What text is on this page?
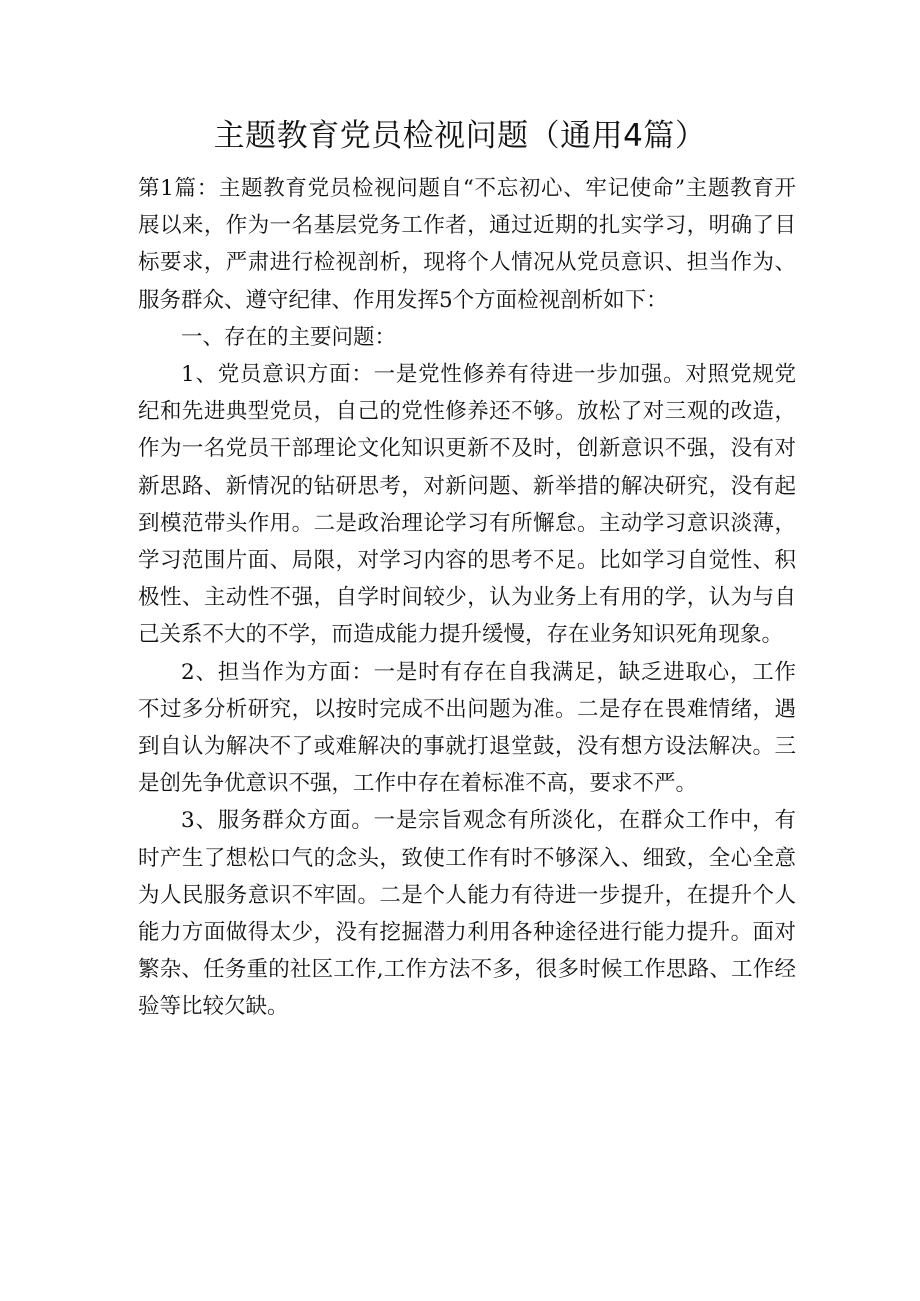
主题教育党员检视问题（通用4篇）

第1篇：主题教育党员检视问题自“不忘初心、牢记使命”主题教育开展以来，作为一名基层党务工作者，通过近期的扎实学习，明确了目标要求，严肃进行检视剖析，现将个人情况从党员意识、担当作为、服务群众、遵守纪律、作用发挥5个方面检视剖析如下：

一、存在的主要问题：

1、党员意识方面：一是党性修养有待进一步加强。对照党规党纪和先进典型党员，自己的党性修养还不够。放松了对三观的改造，作为一名党员干部理论文化知识更新不及时，创新意识不强，没有对新思路、新情况的钻研思考，对新问题、新举措的解决研究，没有起到模范带头作用。二是政治理论学习有所懈怠。主动学习意识淡薄，学习范围片面、局限，对学习内容的思考不足。比如学习自觉性、积极性、主动性不强，自学时间较少，认为业务上有用的学，认为与自己关系不大的不学，而造成能力提升缓慢，存在业务知识死角现象。

2、担当作为方面：一是时有存在自我满足，缺乏进取心，工作不过多分析研究，以按时完成不出问题为准。二是存在畏难情绪，遇到自认为解决不了或难解决的事就打退堂鼓，没有想方设法解决。三是创先争优意识不强，工作中存在着标准不高，要求不严。

3、服务群众方面。一是宗旨观念有所淡化，在群众工作中，有时产生了想松口气的念头，致使工作有时不够深入、细致，全心全意为人民服务意识不牢固。二是个人能力有待进一步提升，在提升个人能力方面做得太少，没有挖掘潜力利用各种途径进行能力提升。面对繁杂、任务重的社区工作,工作方法不多，很多时候工作思路、工作经验等比较欠缺。
